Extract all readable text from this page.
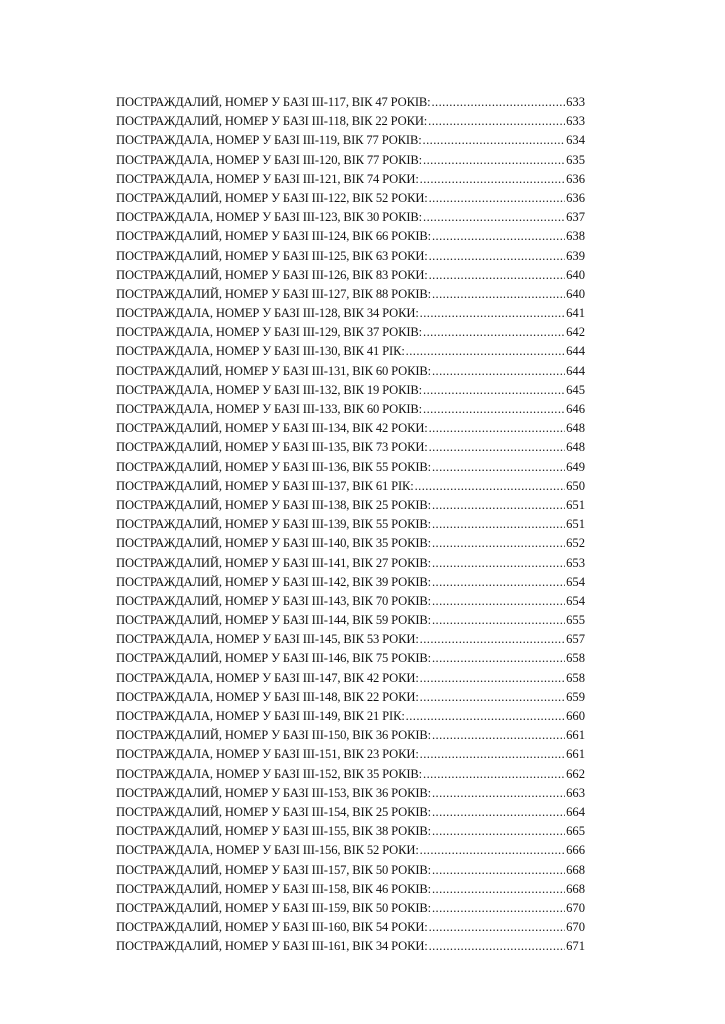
ПОСТРАЖДАЛИЙ, НОМЕР У БАЗІ ІІІ-117, ВІК 47 РОКІВ: .....	633
ПОСТРАЖДАЛИЙ, НОМЕР У БАЗІ ІІІ-118, ВІК 22 РОКИ: .....	633
ПОСТРАЖДАЛА, НОМЕР У БАЗІ ІІІ-119, ВІК 77 РОКІВ: .....	634
ПОСТРАЖДАЛА, НОМЕР У БАЗІ ІІІ-120, ВІК 77 РОКІВ: .....	635
ПОСТРАЖДАЛА, НОМЕР У БАЗІ ІІІ-121, ВІК 74 РОКИ: .....	636
ПОСТРАЖДАЛИЙ, НОМЕР У БАЗІ ІІІ-122, ВІК 52 РОКИ: .....	636
ПОСТРАЖДАЛА, НОМЕР У БАЗІ ІІІ-123, ВІК 30 РОКІВ: .....	637
ПОСТРАЖДАЛИЙ, НОМЕР У БАЗІ ІІІ-124, ВІК 66 РОКІВ: .....	638
ПОСТРАЖДАЛИЙ, НОМЕР У БАЗІ ІІІ-125, ВІК 63 РОКИ: .....	639
ПОСТРАЖДАЛИЙ, НОМЕР У БАЗІ ІІІ-126, ВІК 83 РОКИ: .....	640
ПОСТРАЖДАЛИЙ, НОМЕР У БАЗІ ІІІ-127, ВІК 88 РОКІВ: .....	640
ПОСТРАЖДАЛА, НОМЕР У БАЗІ ІІІ-128, ВІК 34 РОКИ: .....	641
ПОСТРАЖДАЛА, НОМЕР У БАЗІ ІІІ-129, ВІК 37 РОКІВ: .....	642
ПОСТРАЖДАЛА, НОМЕР У БАЗІ ІІІ-130, ВІК 41 РІК: .....	644
ПОСТРАЖДАЛИЙ, НОМЕР У БАЗІ ІІІ-131, ВІК 60 РОКІВ: .....	644
ПОСТРАЖДАЛА, НОМЕР У БАЗІ ІІІ-132, ВІК 19 РОКІВ: .....	645
ПОСТРАЖДАЛА, НОМЕР У БАЗІ ІІІ-133, ВІК 60 РОКІВ: .....	646
ПОСТРАЖДАЛИЙ, НОМЕР У БАЗІ ІІІ-134, ВІК 42 РОКИ: .....	648
ПОСТРАЖДАЛИЙ, НОМЕР У БАЗІ ІІІ-135, ВІК 73 РОКИ: .....	648
ПОСТРАЖДАЛИЙ, НОМЕР У БАЗІ ІІІ-136, ВІК 55 РОКІВ: .....	649
ПОСТРАЖДАЛИЙ, НОМЕР У БАЗІ ІІІ-137, ВІК 61 РІК: .....	650
ПОСТРАЖДАЛИЙ, НОМЕР У БАЗІ ІІІ-138, ВІК 25 РОКІВ: .....	651
ПОСТРАЖДАЛИЙ, НОМЕР У БАЗІ ІІІ-139, ВІК 55 РОКІВ: .....	651
ПОСТРАЖДАЛИЙ, НОМЕР У БАЗІ ІІІ-140, ВІК 35 РОКІВ: .....	652
ПОСТРАЖДАЛИЙ, НОМЕР У БАЗІ ІІІ-141, ВІК 27 РОКІВ: .....	653
ПОСТРАЖДАЛИЙ, НОМЕР У БАЗІ ІІІ-142, ВІК 39 РОКІВ: .....	654
ПОСТРАЖДАЛИЙ, НОМЕР У БАЗІ ІІІ-143, ВІК 70 РОКІВ: .....	654
ПОСТРАЖДАЛИЙ, НОМЕР У БАЗІ ІІІ-144, ВІК 59 РОКІВ: .....	655
ПОСТРАЖДАЛА, НОМЕР У БАЗІ ІІІ-145, ВІК 53 РОКИ: .....	657
ПОСТРАЖДАЛИЙ, НОМЕР У БАЗІ ІІІ-146, ВІК 75 РОКІВ: .....	658
ПОСТРАЖДАЛА, НОМЕР У БАЗІ ІІІ-147, ВІК 42 РОКИ: .....	658
ПОСТРАЖДАЛА, НОМЕР У БАЗІ ІІІ-148, ВІК 22 РОКИ: .....	659
ПОСТРАЖДАЛА, НОМЕР У БАЗІ ІІІ-149, ВІК 21 РІК: .....	660
ПОСТРАЖДАЛИЙ, НОМЕР У БАЗІ ІІІ-150, ВІК 36 РОКІВ: .....	661
ПОСТРАЖДАЛА, НОМЕР У БАЗІ ІІІ-151, ВІК 23 РОКИ: .....	661
ПОСТРАЖДАЛА, НОМЕР У БАЗІ ІІІ-152, ВІК 35 РОКІВ: .....	662
ПОСТРАЖДАЛИЙ, НОМЕР У БАЗІ ІІІ-153, ВІК 36 РОКІВ: .....	663
ПОСТРАЖДАЛИЙ, НОМЕР У БАЗІ ІІІ-154, ВІК 25 РОКІВ: .....	664
ПОСТРАЖДАЛИЙ, НОМЕР У БАЗІ ІІІ-155, ВІК 38 РОКІВ: .....	665
ПОСТРАЖДАЛА, НОМЕР У БАЗІ ІІІ-156, ВІК 52 РОКИ: .....	666
ПОСТРАЖДАЛИЙ, НОМЕР У БАЗІ ІІІ-157, ВІК 50 РОКІВ: .....	668
ПОСТРАЖДАЛИЙ, НОМЕР У БАЗІ ІІІ-158, ВІК 46 РОКІВ: .....	668
ПОСТРАЖДАЛИЙ, НОМЕР У БАЗІ ІІІ-159, ВІК 50 РОКІВ: .....	670
ПОСТРАЖДАЛИЙ, НОМЕР У БАЗІ ІІІ-160, ВІК 54 РОКИ: .....	670
ПОСТРАЖДАЛИЙ, НОМЕР У БАЗІ ІІІ-161, ВІК 34 РОКИ: .....	671
